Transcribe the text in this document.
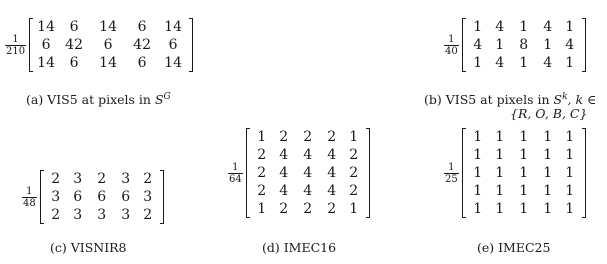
$\frac{1}{210}$
14	6	14	6	14
6	42	6	42	6
14	6	14	6	14
(a) VIS5 at pixels in $S^G$
$\frac{1}{40}$
1	4	1	4	1
4	1	8	1	4
1	4	1	4	1
(b) VIS5 at pixels in $S^k$, k ∈
{R, O, B, C}
$\frac{1}{48}$
2	3	2	3	2
3	6	6	6	3
2	3	3	3	2
(c) VISNIR8
$\frac{1}{64}$
1	2	2	2	1
2	4	4	4	2
2	4	4	4	2
2	4	4	4	2
1	2	2	2	1
(d) IMEC16
$\frac{1}{25}$
1	1	1	1	1
1	1	1	1	1
1	1	1	1	1
1	1	1	1	1
1	1	1	1	1
(e) IMEC25
